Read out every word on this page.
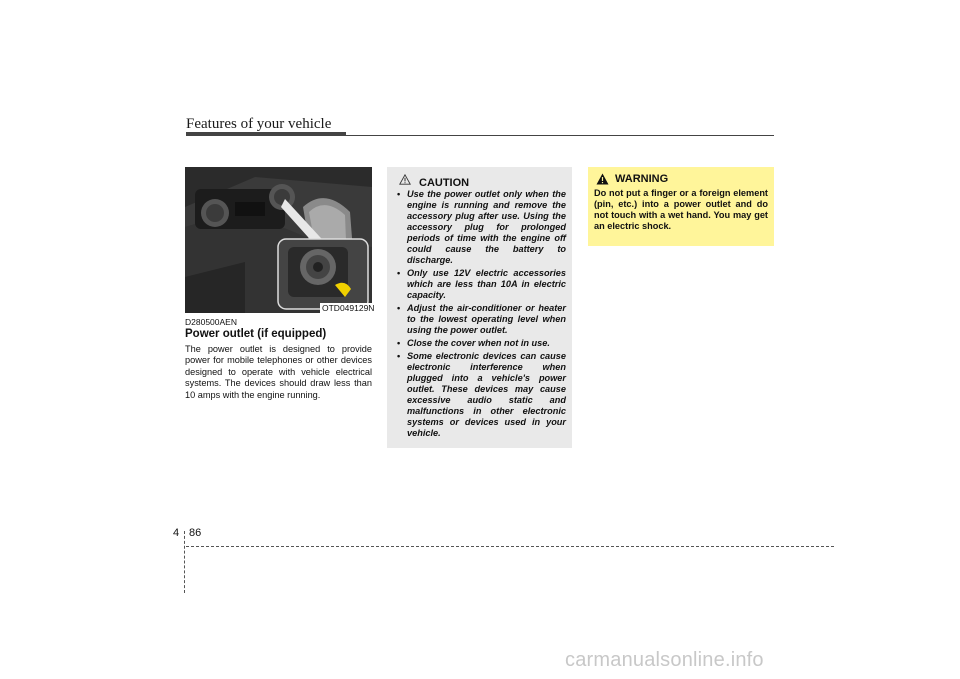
Features of your vehicle
OTD049129N
D280500AEN
Power outlet (if equipped)
The power outlet is designed to provide power for mobile telephones or other devices designed to operate with vehicle electrical systems. The devices should draw less than 10 amps with the engine running.
CAUTION
• Use the power outlet only when the engine is running and remove the accessory plug after use. Using the accessory plug for prolonged periods of time with the engine off could cause the battery to discharge.
• Only use 12V electric accessories which are less than 10A in electric capacity.
• Adjust the air-conditioner or heater to the lowest operating level when using the power outlet.
• Close the cover when not in use.
• Some electronic devices can cause electronic interference when plugged into a vehicle's power outlet. These devices may cause excessive audio static and malfunctions in other electronic systems or devices used in your vehicle.
WARNING
Do not put a finger or a foreign element (pin, etc.) into a power outlet and do not touch with a wet hand. You may get an electric shock.
4 86
carmanualsonline.info
